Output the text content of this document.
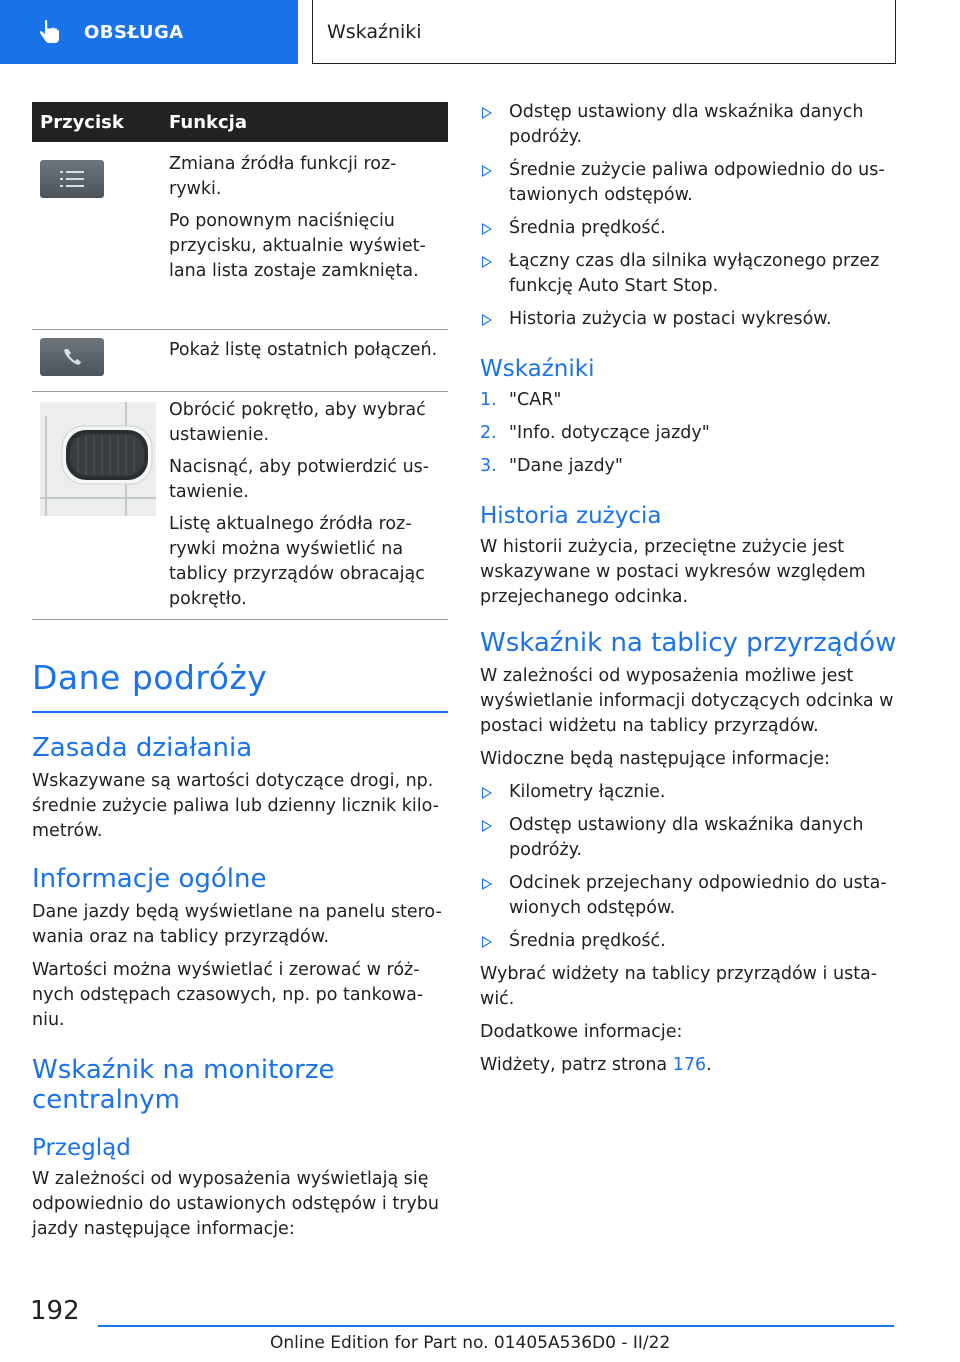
OBSŁUGA	Wskaźniki
Przycisk	Funkcja

Zmiana źródła funkcji roz-rywki.

Po ponownym naciśnięciu przycisku, aktualnie wyświet-lana lista zostaje zamknięta.

Pokaż listę ostatnich połączeń.

Obrócić pokrętło, aby wybrać ustawienie.

Nacisnąć, aby potwierdzić us-tawienie.

Listę aktualnego źródła roz-rywki można wyświetlić na tablicy przyrządów obracając pokrętło.

Dane podróży
Zasada działania
Wskazywane są wartości dotyczące drogi, np. średnie zużycie paliwa lub dzienny licznik kilo-metrów.
Informacje ogólne
Dane jazdy będą wyświetlane na panelu stero-wania oraz na tablicy przyrządów.
Wartości można wyświetlać i zerować w róż-nych odstępach czasowych, np. po tankowa-niu.
Wskaźnik na monitorze centralnym
Przegląd
W zależności od wyposażenia wyświetlają się odpowiednio do ustawionych odstępów i trybu jazdy następujące informacje:
Odstęp ustawiony dla wskaźnika danych podróży.
Średnie zużycie paliwa odpowiednio do us-tawionych odstępów.
Średnia prędkość.
Łączny czas dla silnika wyłączonego przez funkcję Auto Start Stop.
Historia zużycia w postaci wykresów.
Wskaźniki
1. "CAR"
2. "Info. dotyczące jazdy"
3. "Dane jazdy"
Historia zużycia
W historii zużycia, przeciętne zużycie jest wskazywane w postaci wykresów względem przejechanego odcinka.
Wskaźnik na tablicy przyrządów
W zależności od wyposażenia możliwe jest wyświetlanie informacji dotyczących odcinka w postaci widżetu na tablicy przyrządów.
Widoczne będą następujące informacje:
Kilometry łącznie.
Odstęp ustawiony dla wskaźnika danych podróży.
Odcinek przejechany odpowiednio do usta-wionych odstępów.
Średnia prędkość.
Wybrać widżety na tablicy przyrządów i usta-wić.
Dodatkowe informacje:
Widżety, patrz strona 176.
192
Online Edition for Part no. 01405A536D0 - II/22
